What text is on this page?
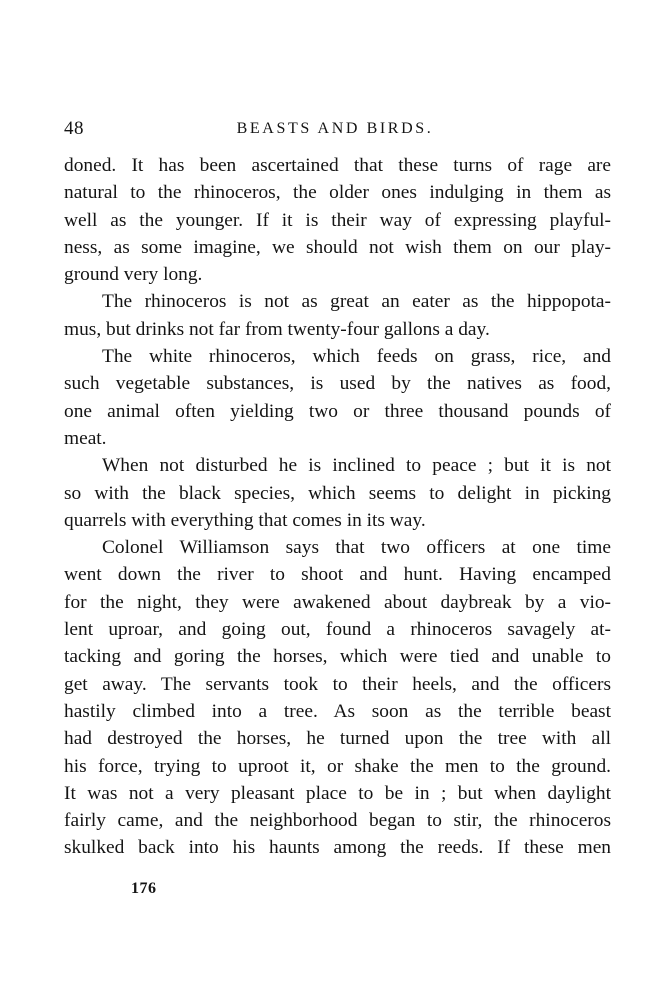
48	BEASTS AND BIRDS.
doned. It has been ascertained that these turns of rage are
natural to the rhinoceros, the older ones indulging in them as
well as the younger. If it is their way of expressing playful-
ness, as some imagine, we should not wish them on our play-
ground very long.
The rhinoceros is not as great an eater as the hippopota-
mus, but drinks not far from twenty-four gallons a day.
The white rhinoceros, which feeds on grass, rice, and
such vegetable substances, is used by the natives as food,
one animal often yielding two or three thousand pounds of
meat.
When not disturbed he is inclined to peace ; but it is not
so with the black species, which seems to delight in picking
quarrels with everything that comes in its way.
Colonel Williamson says that two officers at one time
went down the river to shoot and hunt. Having encamped
for the night, they were awakened about daybreak by a vio-
lent uproar, and going out, found a rhinoceros savagely at-
tacking and goring the horses, which were tied and unable to
get away. The servants took to their heels, and the officers
hastily climbed into a tree. As soon as the terrible beast
had destroyed the horses, he turned upon the tree with all
his force, trying to uproot it, or shake the men to the ground.
It was not a very pleasant place to be in ; but when daylight
fairly came, and the neighborhood began to stir, the rhinoceros
skulked back into his haunts among the reeds. If these men
176
